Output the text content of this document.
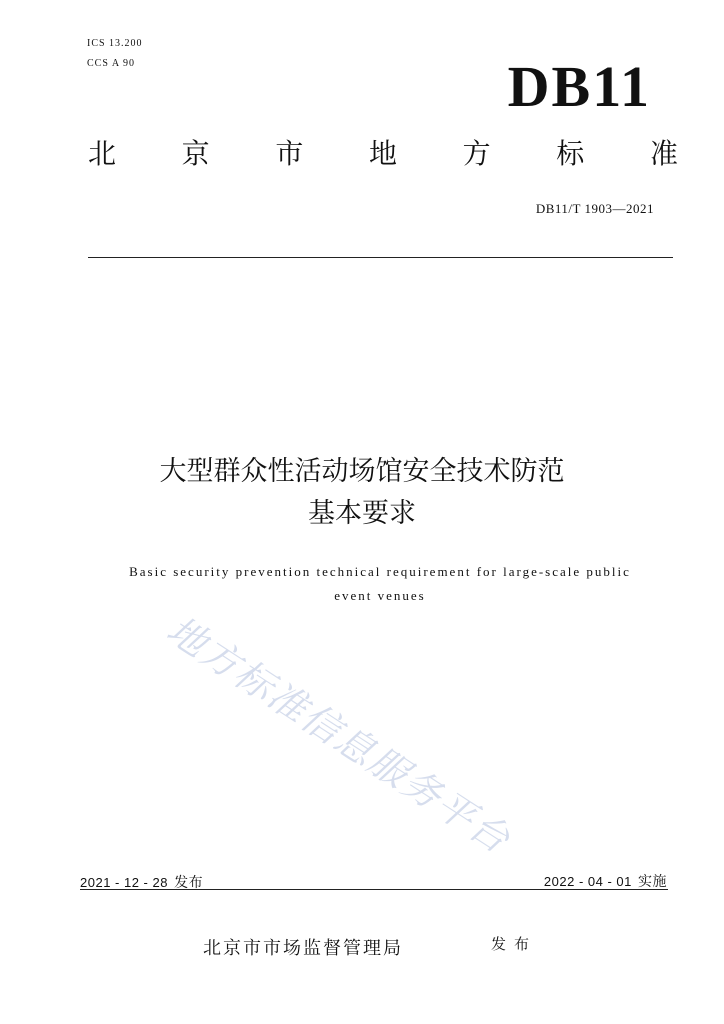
ICS 13.200
CCS A 90	DB11
北 京 市 地 方 标 准
DB11/T 1903—2021
大型群众性活动场馆安全技术防范
基本要求
Basic security prevention technical requirement for large-scale public
event venues
地方标准信息服务平台
2021 - 12 - 28 发布	2022 - 04 - 01 实施
北京市市场监督管理局	发布
